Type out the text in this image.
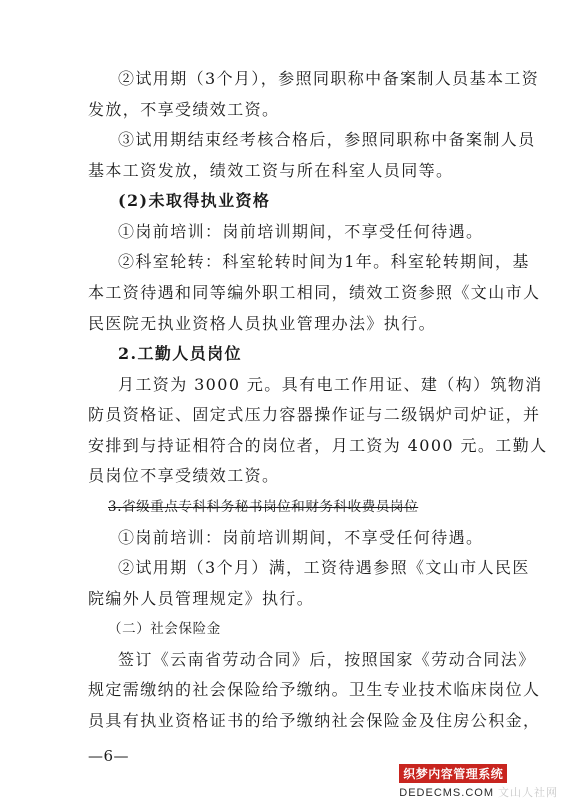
②试用期（3个月），参照同职称中备案制人员基本工资
发放，不享受绩效工资。
③试用期结束经考核合格后，参照同职称中备案制人员
基本工资发放，绩效工资与所在科室人员同等。
(2)未取得执业资格
①岗前培训：岗前培训期间，不享受任何待遇。
②科室轮转：科室轮转时间为1年。科室轮转期间，基
本工资待遇和同等编外职工相同，绩效工资参照《文山市人
民医院无执业资格人员执业管理办法》执行。
2.工勤人员岗位
月工资为 3000 元。具有电工作用证、建（构）筑物消
防员资格证、固定式压力容器操作证与二级锅炉司炉证，并
安排到与持证相符合的岗位者，月工资为 4000 元。工勤人
员岗位不享受绩效工资。
3.省级重点专科科务秘书岗位和财务科收费员岗位
①岗前培训：岗前培训期间，不享受任何待遇。
②试用期（3个月）满，工资待遇参照《文山市人民医
院编外人员管理规定》执行。
（二）社会保险金
签订《云南省劳动合同》后，按照国家《劳动合同法》
规定需缴纳的社会保险给予缴纳。卫生专业技术临床岗位人
员具有执业资格证书的给予缴纳社会保险金及住房公积金，
—6—
织梦内容管理系统
DEDECMS.COM 文山人社网
